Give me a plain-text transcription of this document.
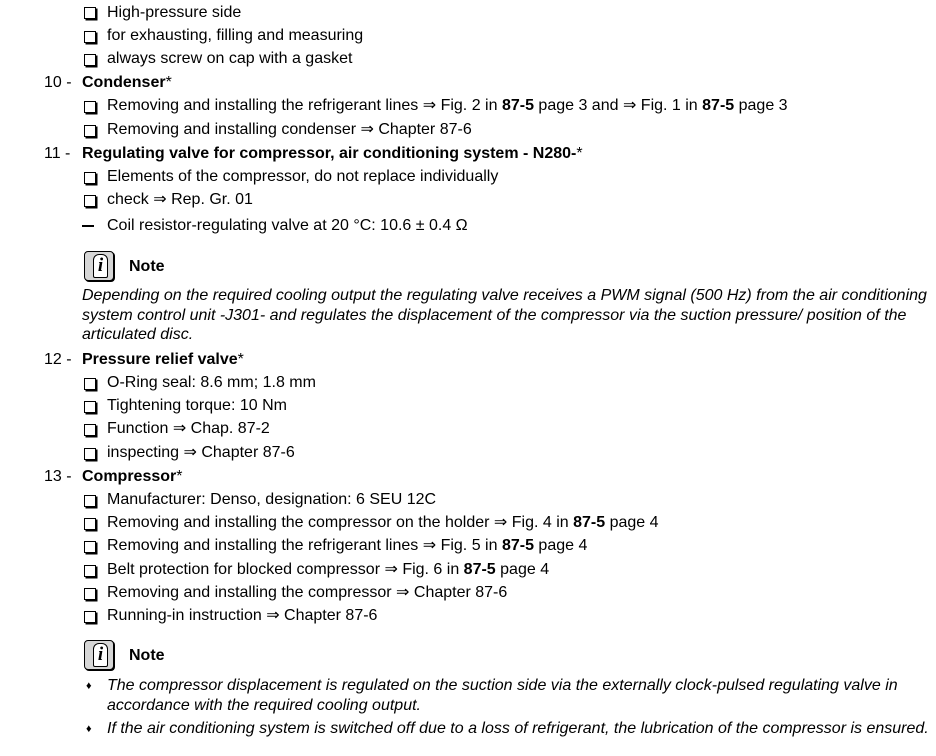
High-pressure side
for exhausting, filling and measuring
always screw on cap with a gasket
10 - Condenser*
Removing and installing the refrigerant lines ⇒ Fig. 2 in 87-5 page 3 and ⇒ Fig. 1 in 87-5 page 3
Removing and installing condenser ⇒ Chapter 87-6
11 - Regulating valve for compressor, air conditioning system - N280-*
Elements of the compressor, do not replace individually
check ⇒ Rep. Gr. 01
Coil resistor-regulating valve at 20 °C: 10.6 ± 0.4 Ω
i	Note
Depending on the required cooling output the regulating valve receives a PWM signal (500 Hz) from the air conditioning system control unit -J301- and regulates the displacement of the compressor via the suction pressure/ position of the articulated disc.
12 - Pressure relief valve*
O-Ring seal: 8.6 mm; 1.8 mm
Tightening torque: 10 Nm
Function ⇒ Chap. 87-2
inspecting ⇒ Chapter 87-6
13 - Compressor*
Manufacturer: Denso, designation: 6 SEU 12C
Removing and installing the compressor on the holder ⇒ Fig. 4 in 87-5 page 4
Removing and installing the refrigerant lines ⇒ Fig. 5 in 87-5 page 4
Belt protection for blocked compressor ⇒ Fig. 6 in 87-5 page 4
Removing and installing the compressor ⇒ Chapter 87-6
Running-in instruction ⇒ Chapter 87-6
i	Note
♦ The compressor displacement is regulated on the suction side via the externally clock-pulsed regulating valve in accordance with the required cooling output.
♦ If the air conditioning system is switched off due to a loss of refrigerant, the lubrication of the compressor is ensured.
